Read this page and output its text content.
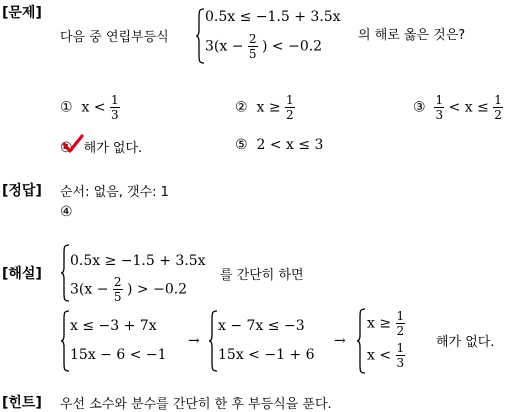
[문제]
다음 중 연립부등식
0.5x ≤ −1.5 + 3.5x
$3(x - \frac{2}{5}$ ) < −0.2
의 해로 옳은 것은?
① $x < \frac{1}{3}$	② $x \ge \frac{1}{2}$	③ $\frac{1}{3} < x \le \frac{1}{2}$
④ 해가 없다.	⑤ 2 < x ≤ 3
[정답] 순서: 없음, 갯수: 1
④
[해설]
0.5x ≥ −1.5 + 3.5x
$3(x - \frac{2}{5}$ ) > −0.2
를 간단히 하면
x ≤ −3 + 7x
15x − 6 < −1
→
x − 7x ≤ −3
15x < −1 + 6
→
$x \ge \frac{1}{2}$
$x < \frac{1}{3}$ 해가 없다.
[힌트] 우선 소수와 분수를 간단히 한 후 부등식을 푼다.
